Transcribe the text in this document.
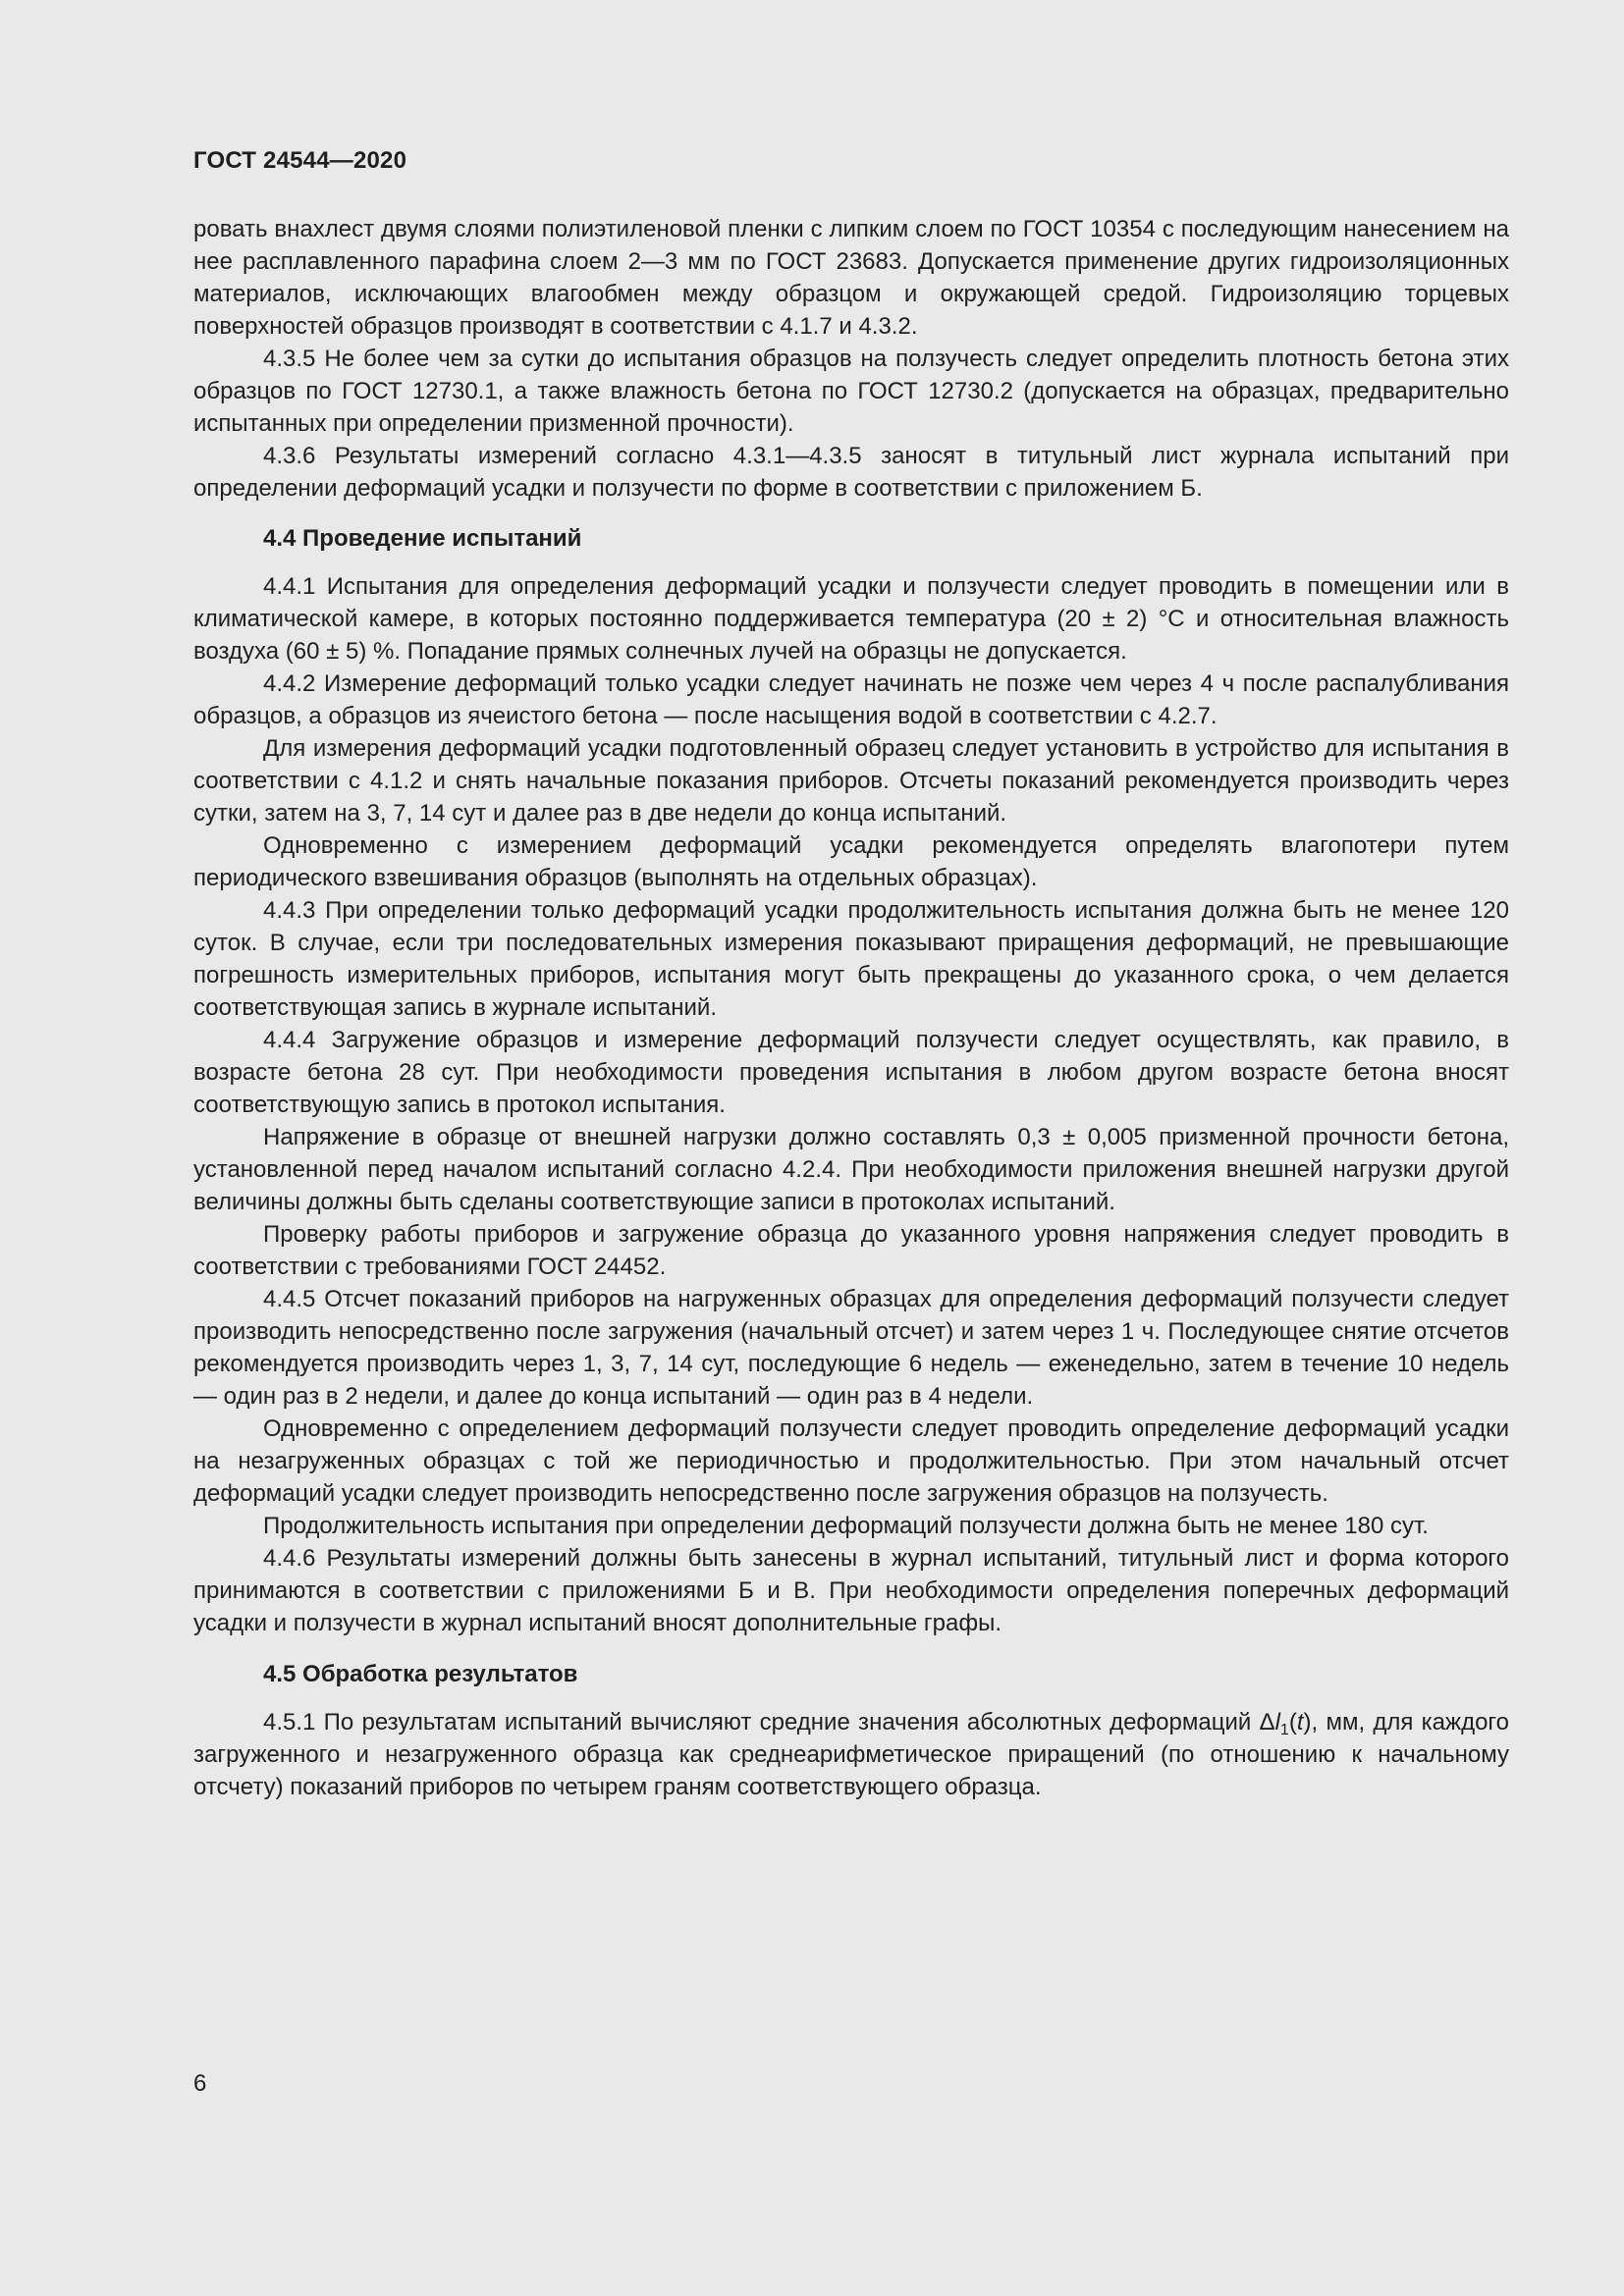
ГОСТ 24544—2020

ровать внахлест двумя слоями полиэтиленовой пленки с липким слоем по ГОСТ 10354 с последующим нанесением на нее расплавленного парафина слоем 2—3 мм по ГОСТ 23683. Допускается применение других гидроизоляционных материалов, исключающих влагообмен между образцом и окружающей средой. Гидроизоляцию торцевых поверхностей образцов производят в соответствии с 4.1.7 и 4.3.2.

4.3.5 Не более чем за сутки до испытания образцов на ползучесть следует определить плотность бетона этих образцов по ГОСТ 12730.1, а также влажность бетона по ГОСТ 12730.2 (допускается на образцах, предварительно испытанных при определении призменной прочности).

4.3.6 Результаты измерений согласно 4.3.1—4.3.5 заносят в титульный лист журнала испытаний при определении деформаций усадки и ползучести по форме в соответствии с приложением Б.

4.4 Проведение испытаний

4.4.1 Испытания для определения деформаций усадки и ползучести следует проводить в помещении или в климатической камере, в которых постоянно поддерживается температура (20 ± 2) °С и относительная влажность воздуха (60 ± 5) %. Попадание прямых солнечных лучей на образцы не допускается.

4.4.2 Измерение деформаций только усадки следует начинать не позже чем через 4 ч после распалубливания образцов, а образцов из ячеистого бетона — после насыщения водой в соответствии с 4.2.7.

Для измерения деформаций усадки подготовленный образец следует установить в устройство для испытания в соответствии с 4.1.2 и снять начальные показания приборов. Отсчеты показаний рекомендуется производить через сутки, затем на 3, 7, 14 сут и далее раз в две недели до конца испытаний.

Одновременно с измерением деформаций усадки рекомендуется определять влагопотери путем периодического взвешивания образцов (выполнять на отдельных образцах).

4.4.3 При определении только деформаций усадки продолжительность испытания должна быть не менее 120 суток. В случае, если три последовательных измерения показывают приращения деформаций, не превышающие погрешность измерительных приборов, испытания могут быть прекращены до указанного срока, о чем делается соответствующая запись в журнале испытаний.

4.4.4 Загружение образцов и измерение деформаций ползучести следует осуществлять, как правило, в возрасте бетона 28 сут. При необходимости проведения испытания в любом другом возрасте бетона вносят соответствующую запись в протокол испытания.

Напряжение в образце от внешней нагрузки должно составлять 0,3 ± 0,005 призменной прочности бетона, установленной перед началом испытаний согласно 4.2.4. При необходимости приложения внешней нагрузки другой величины должны быть сделаны соответствующие записи в протоколах испытаний.

Проверку работы приборов и загружение образца до указанного уровня напряжения следует проводить в соответствии с требованиями ГОСТ 24452.

4.4.5 Отсчет показаний приборов на нагруженных образцах для определения деформаций ползучести следует производить непосредственно после загружения (начальный отсчет) и затем через 1 ч. Последующее снятие отсчетов рекомендуется производить через 1, 3, 7, 14 сут, последующие 6 недель — еженедельно, затем в течение 10 недель — один раз в 2 недели, и далее до конца испытаний — один раз в 4 недели.

Одновременно с определением деформаций ползучести следует проводить определение деформаций усадки на незагруженных образцах с той же периодичностью и продолжительностью. При этом начальный отсчет деформаций усадки следует производить непосредственно после загружения образцов на ползучесть.

Продолжительность испытания при определении деформаций ползучести должна быть не менее 180 сут.

4.4.6 Результаты измерений должны быть занесены в журнал испытаний, титульный лист и форма которого принимаются в соответствии с приложениями Б и В. При необходимости определения поперечных деформаций усадки и ползучести в журнал испытаний вносят дополнительные графы.

4.5 Обработка результатов

4.5.1 По результатам испытаний вычисляют средние значения абсолютных деформаций $\Delta l_1(t)$, мм, для каждого загруженного и незагруженного образца как среднеарифметическое приращений (по отношению к начальному отсчету) показаний приборов по четырем граням соответствующего образца.

6
